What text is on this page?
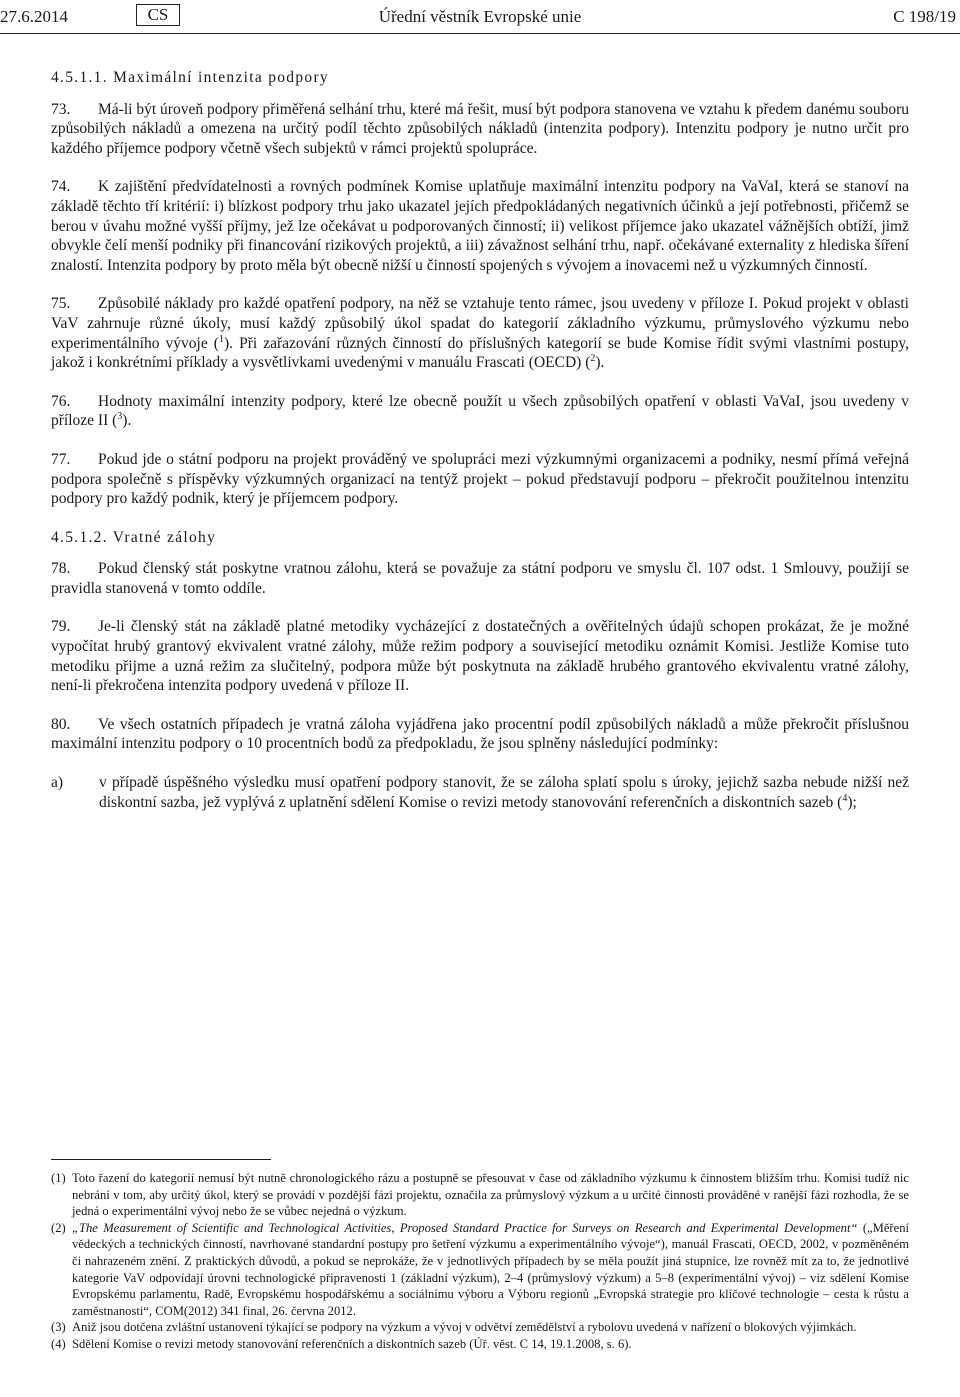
27.6.2014	CS	Úřední věstník Evropské unie	C 198/19
4.5.1.1. Maximální intenzita podpory

73. Má-li být úroveň podpory přiměřená selhání trhu, které má řešit, musí být podpora stanovena ve vztahu k předem danému souboru způsobilých nákladů a omezena na určitý podíl těchto způsobilých nákladů (intenzita podpory). Intenzitu podpory je nutno určit pro každého příjemce podpory včetně všech subjektů v rámci projektů spolupráce.

74. K zajištění předvídatelnosti a rovných podmínek Komise uplatňuje maximální intenzitu podpory na VaVaI, která se stanoví na základě těchto tří kritérií: i) blízkost podpory trhu jako ukazatel jejích předpokládaných negativních účinků a její potřebnosti, přičemž se berou v úvahu možné vyšší příjmy, jež lze očekávat u podporovaných činností; ii) velikost příjemce jako ukazatel vážnějších obtíží, jimž obvykle čelí menší podniky při financování rizikových projektů, a iii) závažnost selhání trhu, např. očekávané externality z hlediska šíření znalostí. Intenzita podpory by proto měla být obecně nižší u činností spojených s vývojem a inovacemi než u výzkumných činností.

75. Způsobilé náklady pro každé opatření podpory, na něž se vztahuje tento rámec, jsou uvedeny v příloze I. Pokud projekt v oblasti VaV zahrnuje různé úkoly, musí každý způsobilý úkol spadat do kategorií základního výzkumu, průmyslového výzkumu nebo experimentálního vývoje ($^1$). Při zařazování různých činností do příslušných kategorií se bude Komise řídit svými vlastními postupy, jakož i konkrétními příklady a vysvětlivkami uvedenými v manuálu Frascati (OECD) ($^2$).

76. Hodnoty maximální intenzity podpory, které lze obecně použít u všech způsobilých opatření v oblasti VaVaI, jsou uvedeny v příloze II ($^3$).

77. Pokud jde o státní podporu na projekt prováděný ve spolupráci mezi výzkumnými organizacemi a podniky, nesmí přímá veřejná podpora společně s příspěvky výzkumných organizací na tentýž projekt – pokud představují podporu – překročit použitelnou intenzitu podpory pro každý podnik, který je příjemcem podpory.

4.5.1.2. Vratné zálohy

78. Pokud členský stát poskytne vratnou zálohu, která se považuje za státní podporu ve smyslu čl. 107 odst. 1 Smlouvy, použijí se pravidla stanovená v tomto oddíle.

79. Je-li členský stát na základě platné metodiky vycházející z dostatečných a ověřitelných údajů schopen prokázat, že je možné vypočítat hrubý grantový ekvivalent vratné zálohy, může režim podpory a související metodiku oznámit Komisi. Jestliže Komise tuto metodiku přijme a uzná režim za slučitelný, podpora může být poskytnuta na základě hrubého grantového ekvivalentu vratné zálohy, není-li překročena intenzita podpory uvedená v příloze II.

80. Ve všech ostatních případech je vratná záloha vyjádřena jako procentní podíl způsobilých nákladů a může překročit příslušnou maximální intenzitu podpory o 10 procentních bodů za předpokladu, že jsou splněny následující podmínky:

a)	v případě úspěšného výsledku musí opatření podpory stanovit, že se záloha splatí spolu s úroky, jejichž sazba nebude nižší než diskontní sazba, jež vyplývá z uplatnění sdělení Komise o revizi metody stanovování referenčních a diskontních sazeb ($^4$);
(1) Toto řazení do kategorií nemusí být nutně chronologického rázu a postupně se přesouvat v čase od základního výzkumu k činnostem bližším trhu. Komisi tudíž nic nebrání v tom, aby určitý úkol, který se provádí v pozdější fázi projektu, označila za průmyslový výzkum a u určité činnosti prováděné v ranější fázi rozhodla, že se jedná o experimentální vývoj nebo že se vůbec nejedná o výzkum.
(2) „The Measurement of Scientific and Technological Activities, Proposed Standard Practice for Surveys on Research and Experimental Development“ („Měření vědeckých a technických činností, navrhované standardní postupy pro šetření výzkumu a experimentálního vývoje“), manuál Frascati, OECD, 2002, v pozměněném či nahrazeném znění. Z praktických důvodů, a pokud se neprokáže, že v jednotlivých případech by se měla použít jiná stupnice, lze rovněž mít za to, že jednotlivé kategorie VaV odpovídají úrovni technologické připravenosti 1 (základní výzkum), 2–4 (průmyslový výzkum) a 5–8 (experimentální vývoj) – viz sdělení Komise Evropskému parlamentu, Radě, Evropskému hospodářskému a sociálnímu výboru a Výboru regionů „Evropská strategie pro klíčové technologie – cesta k růstu a zaměstnanosti“, COM(2012) 341 final, 26. června 2012.
(3) Aniž jsou dotčena zvláštní ustanovení týkající se podpory na výzkum a vývoj v odvětví zemědělství a rybolovu uvedená v nařízení o blokových výjimkách.
(4) Sdělení Komise o revizi metody stanovování referenčních a diskontních sazeb (Úř. věst. C 14, 19.1.2008, s. 6).
